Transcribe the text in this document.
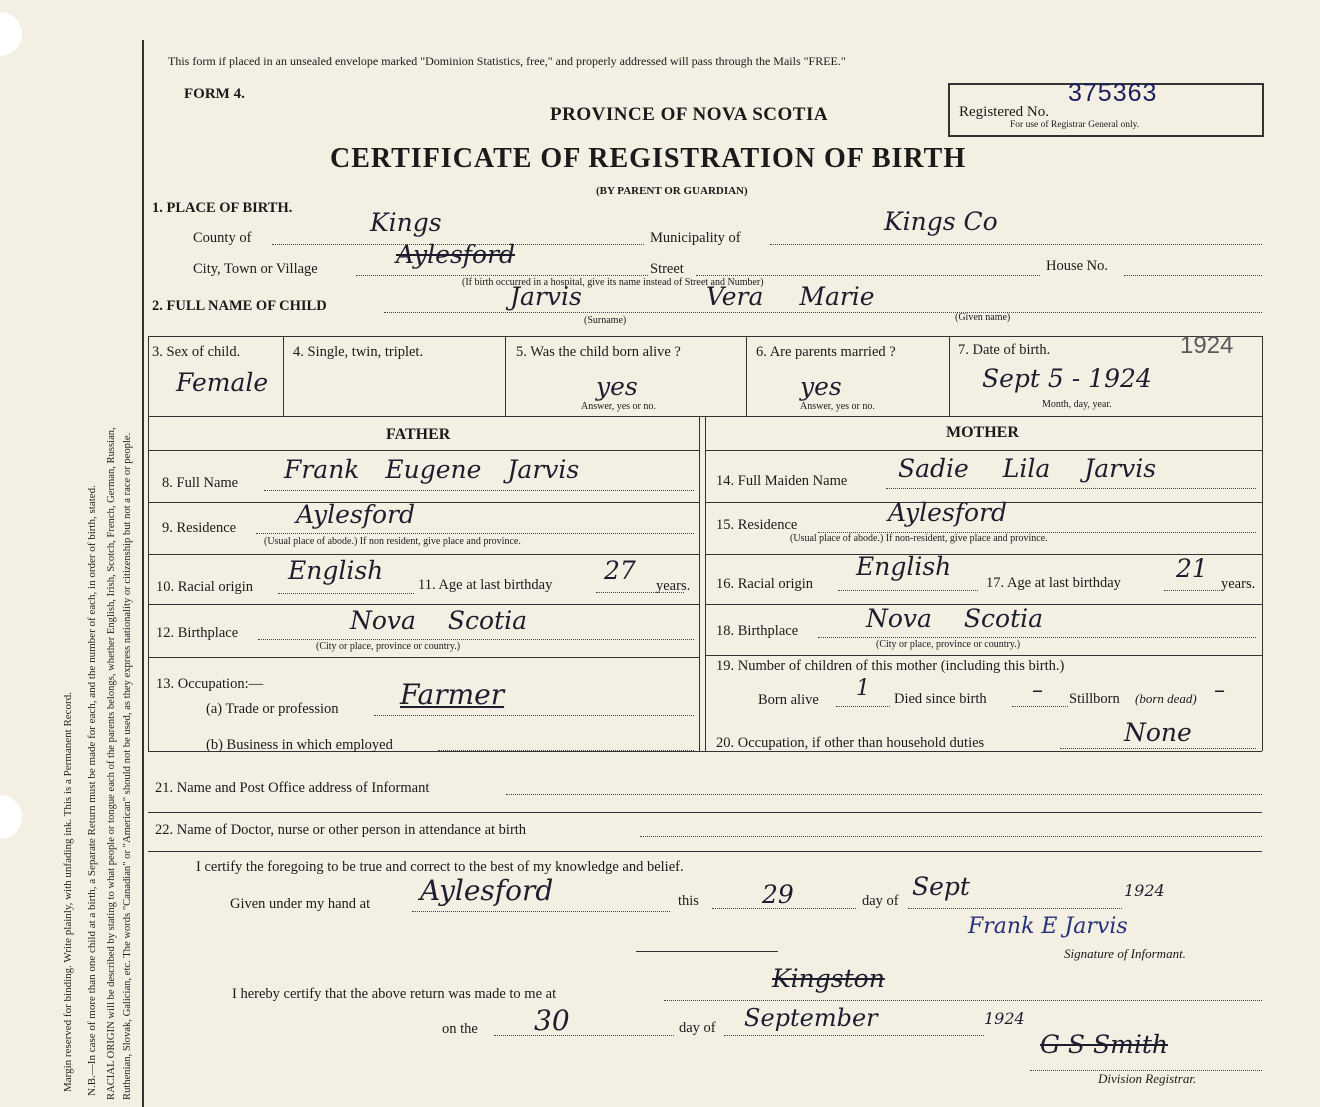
Margin reserved for binding. Write plainly, with unfading ink. This is a Permanent Record. N.B.—In case of more than one child at a birth, a Separate Return must be made for each, and the number of each, in order of birth, stated. RACIAL ORIGIN will be described by stating to what people or tongue each of the parents belongs, whether English, Irish, Scotch, French, German, Russian, Ruthenian, Slovak, Galician, etc. The words "Canadian" or "American" should not be used, as they express nationality or citizenship but not a race or people.
This form if placed in an unsealed envelope marked "Dominion Statistics, free," and properly addressed will pass through the Mails "FREE."
FORM 4.
PROVINCE OF NOVA SCOTIA
CERTIFICATE OF REGISTRATION OF BIRTH
(BY PARENT OR GUARDIAN)
Registered No.
375363
For use of Registrar General only.
1. PLACE OF BIRTH.
County of
Kings
Municipality of
Kings Co
City, Town or Village	Aylesford	Street	House No.
(If birth occurred in a hospital, give its name instead of Street and Number)
2. FULL NAME OF CHILD	Jarvis	Vera Marie
(Surname)	(Given name)
3. Sex of child.
Female
4. Single, twin, triplet.	5. Was the child born alive ?
yes
Answer, yes or no.
6. Are parents married ?
yes
Answer, yes or no.
7. Date of birth.
Sept 5 - 1924
Month, day, year.
1924
FATHER	MOTHER
8. Full Name Frank Eugene Jarvis
9. Residence Aylesford
(Usual place of abode.) If non resident, give place and province.
10. Racial origin
English 11. Age at last birthday 27
years.
12. Birthplace	Nova Scotia
(City or place, province or country.)
13. Occupation:—
(a) Trade or profession Farmer
(b) Business in which employed
14. Full Maiden Name Sadie Lila Jarvis
15. Residence	Aylesford
(Usual place of abode.) If non-resident, give place and province.
16. Racial origin
English
17. Age at last birthday 21
years.
18. Birthplace	Nova Scotia
(City or place, province or country.)
19. Number of children of this mother (including this birth.)
Born alive 1 Died since birth – Stillborn (born dead) –
20. Occupation, if other than household duties	None
21. Name and Post Office address of Informant
22. Name of Doctor, nurse or other person in attendance at birth
I certify the foregoing to be true and correct to the best of my knowledge and belief.
Given under my hand at Aylesford	this	29	day of Sept	1924
Frank E Jarvis
Signature of Informant.
I hereby certify that the above return was made to me at
Kingston
on the 30	day of September	1924
G S Smith
Division Registrar.
